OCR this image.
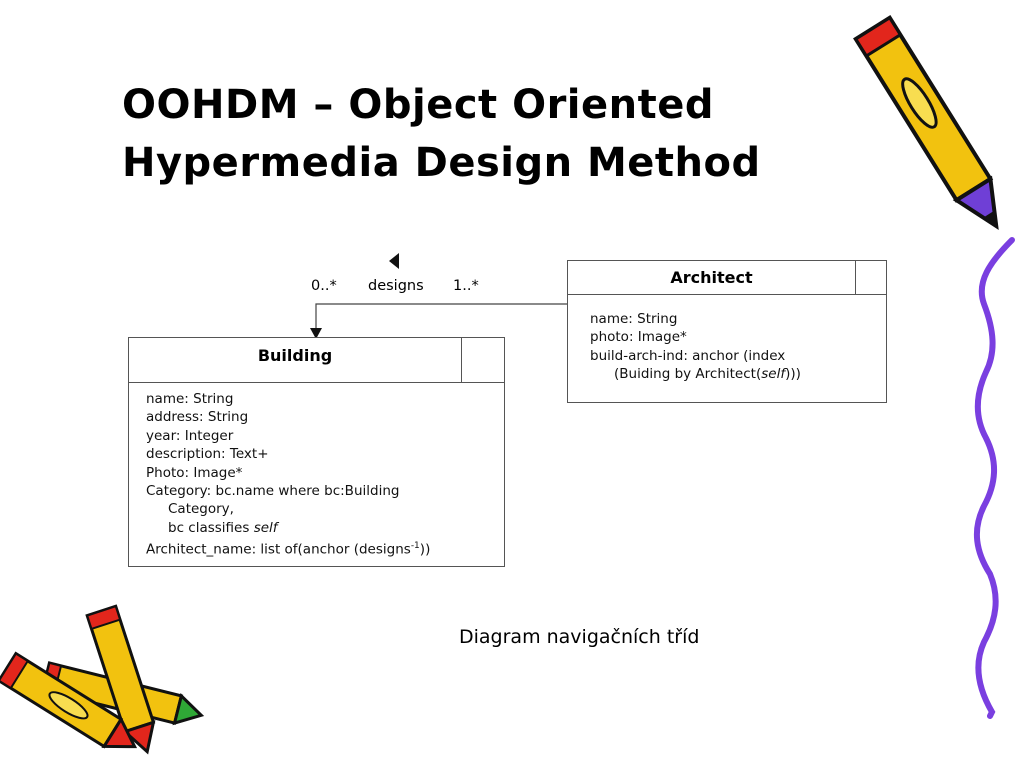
OOHDM – Object Oriented
Hypermedia Design Method
0..* designs 1..*
Building
name: String
address: String
year: Integer
description: Text+
Photo: Image*
Category: bc.name where bc:Building
Category,
bc classifies self
Architect_name: list of(anchor (designs$^{-1}$))
Architect
name: String
photo: Image*
build-arch-ind: anchor (index
(Buiding by Architect(self)))
Diagram navigačních tříd
